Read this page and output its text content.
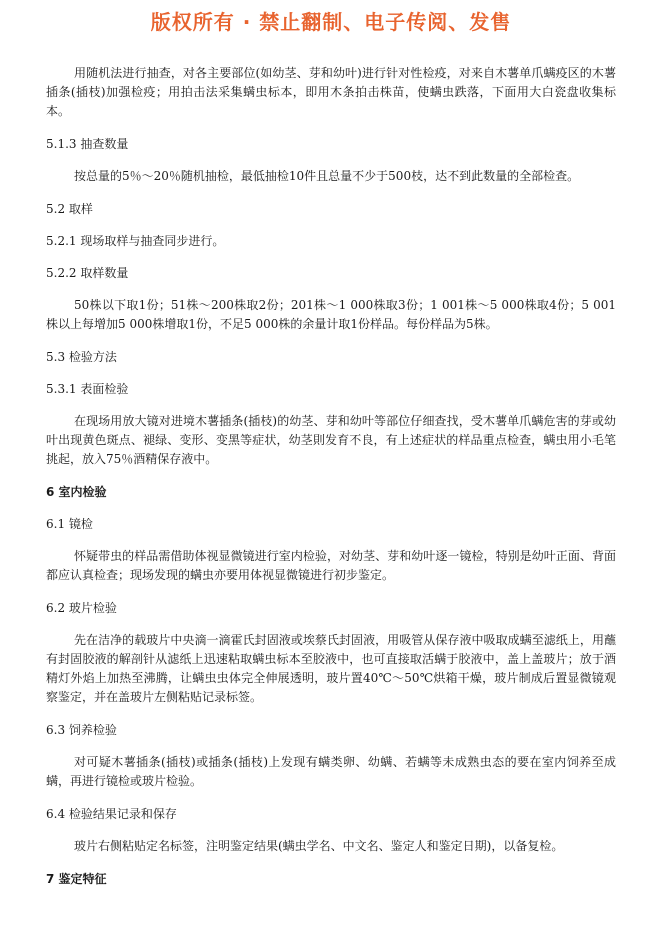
版权所有 · 禁止翻制、电子传阅、发售

用随机法进行抽查，对各主要部位(如幼茎、芽和幼叶)进行针对性检疫，对来自木薯单爪螨疫区的木薯插条(插枝)加强检疫；用拍击法采集螨虫标本，即用木条拍击株苗，使螨虫跌落，下面用大白瓷盘收集标本。

5.1.3 抽查数量

按总量的5％～20％随机抽检，最低抽检10件且总量不少于500枝，达不到此数量的全部检查。

5.2 取样

5.2.1 现场取样与抽查同步进行。

5.2.2 取样数量

50株以下取1份；51株～200株取2份；201株～1 000株取3份；1 001株～5 000株取4份；5 001株以上每增加5 000株增取1份，不足5 000株的余量计取1份样品。每份样品为5株。

5.3 检验方法

5.3.1 表面检验

在现场用放大镜对进境木薯插条(插枝)的幼茎、芽和幼叶等部位仔细查找，受木薯单爪螨危害的芽或幼叶出现黄色斑点、褪绿、变形、变黑等症状，幼茎則发育不良，有上述症状的样品重点检查，螨虫用小毛笔挑起，放入75％酒精保存液中。

6 室内检验

6.1 镜检

怀疑带虫的样品需借助体视显微镜进行室内检验，对幼茎、芽和幼叶逐一镜检，特别是幼叶正面、背面都应认真检查；现场发现的螨虫亦要用体视显微镜进行初步鉴定。

6.2 玻片检验

先在洁净的载玻片中央滴一滴霍氏封固液或埃蔡氏封固液，用吸管从保存液中吸取成螨至滤纸上，用蘸有封固胶液的解剖针从滤纸上迅速粘取螨虫标本至胶液中，也可直接取活螨于胶液中，盖上盖玻片；放于酒精灯外焰上加热至沸腾，让螨虫虫体完全伸展透明，玻片置40℃～50℃烘箱干燥，玻片制成后置显微镜观察鉴定，并在盖玻片左侧粘贴记录标签。

6.3 饲养检验

对可疑木薯插条(插枝)或插条(插枝)上发现有螨类卵、幼螨、若螨等未成熟虫态的要在室内饲养至成螨，再进行镜检或玻片检验。

6.4 检验结果记录和保存

玻片右侧粘贴定名标签，注明鉴定结果(螨虫学名、中文名、鉴定人和鉴定日期)，以备复检。

7 鉴定特征
